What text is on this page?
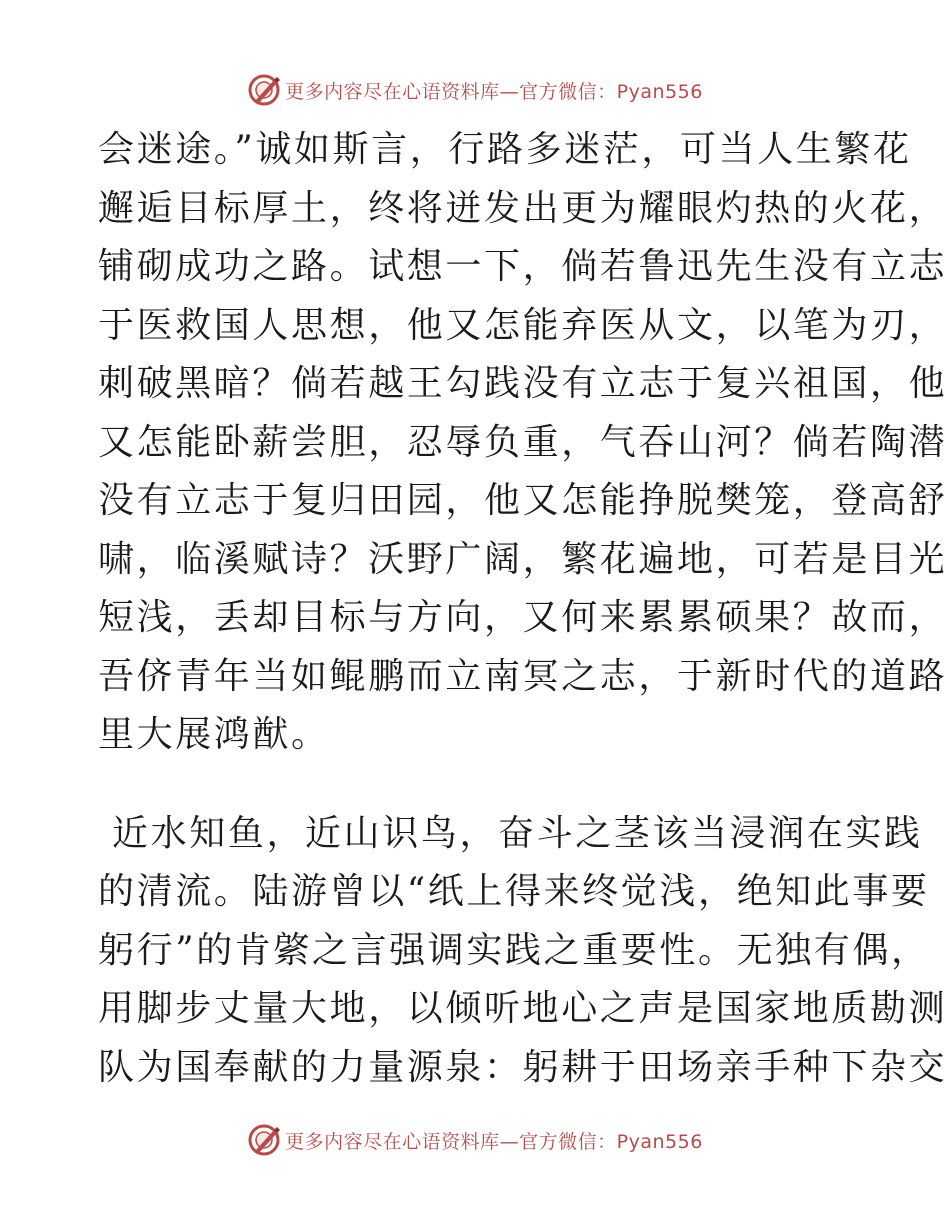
更多内容尽在心语资料库—官方微信：Pyan556
会迷途。”诚如斯言，行路多迷茫，可当人生繁花
邂逅目标厚土，终将迸发出更为耀眼灼热的火花，
铺砌成功之路。试想一下，倘若鲁迅先生没有立志
于医救国人思想，他又怎能弃医从文，以笔为刃，
刺破黑暗？倘若越王勾践没有立志于复兴祖国，他
又怎能卧薪尝胆，忍辱负重，气吞山河？倘若陶潜
没有立志于复归田园，他又怎能挣脱樊笼，登高舒
啸，临溪赋诗？沃野广阔，繁花遍地，可若是目光
短浅，丢却目标与方向，又何来累累硕果？故而，
吾侪青年当如鲲鹏而立南冥之志，于新时代的道路
里大展鸿猷。
近水知鱼，近山识鸟，奋斗之茎该当浸润在实践
的清流。陆游曾以“纸上得来终觉浅，绝知此事要
躬行”的肯綮之言强调实践之重要性。无独有偶，
用脚步丈量大地，以倾听地心之声是国家地质勘测
队为国奉献的力量源泉：躬耕于田场亲手种下杂交
更多内容尽在心语资料库—官方微信：Pyan556
